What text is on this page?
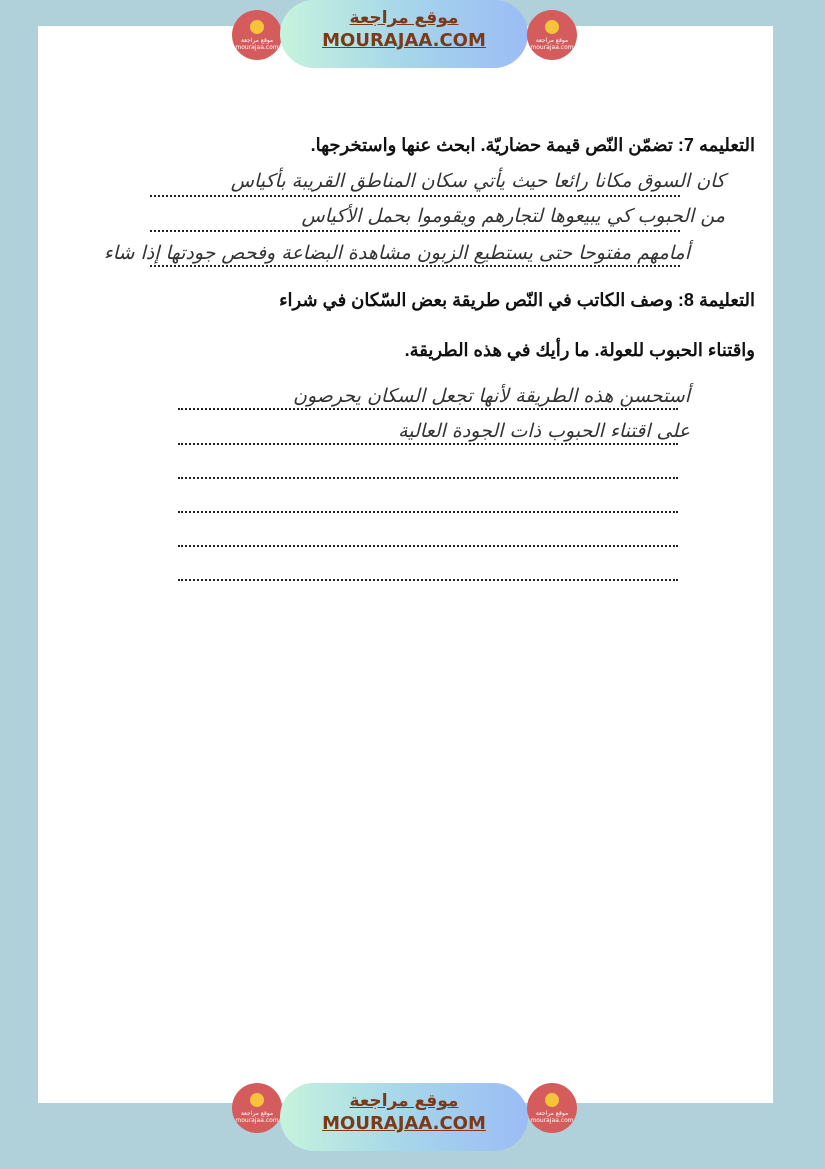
موقع مراجعة mourajaa.com
موقع مراجعة
MOURAJAA.COM	موقع مراجعة mourajaa.com
التعليمه 7: تضمّن النّص قيمة حضاريّة. ابحث عنها واستخرجها.
كان السوق مكانا رائعا حيث يأتي سكان المناطق القريبة بأكياس
من الحبوب كي يبيعوها لتجارهم ويقوموا بحمل الأكياس
أمامهم مفتوحا حتى يستطيع الزبون مشاهدة البضاعة وفحص جودتها إذا شاء
التعليمة 8: وصف الكاتب في النّص طريقة بعض السّكان في شراء
واقتناء الحبوب للعولة. ما رأيك في هذه الطريقة.
أستحسن هذه الطريقة لأنها تجعل السكان يحرصون
على اقتناء الحبوب ذات الجودة العالية
موقع مراجعة mourajaa.com
موقع مراجعة
MOURAJAA.COM	موقع مراجعة mourajaa.com
